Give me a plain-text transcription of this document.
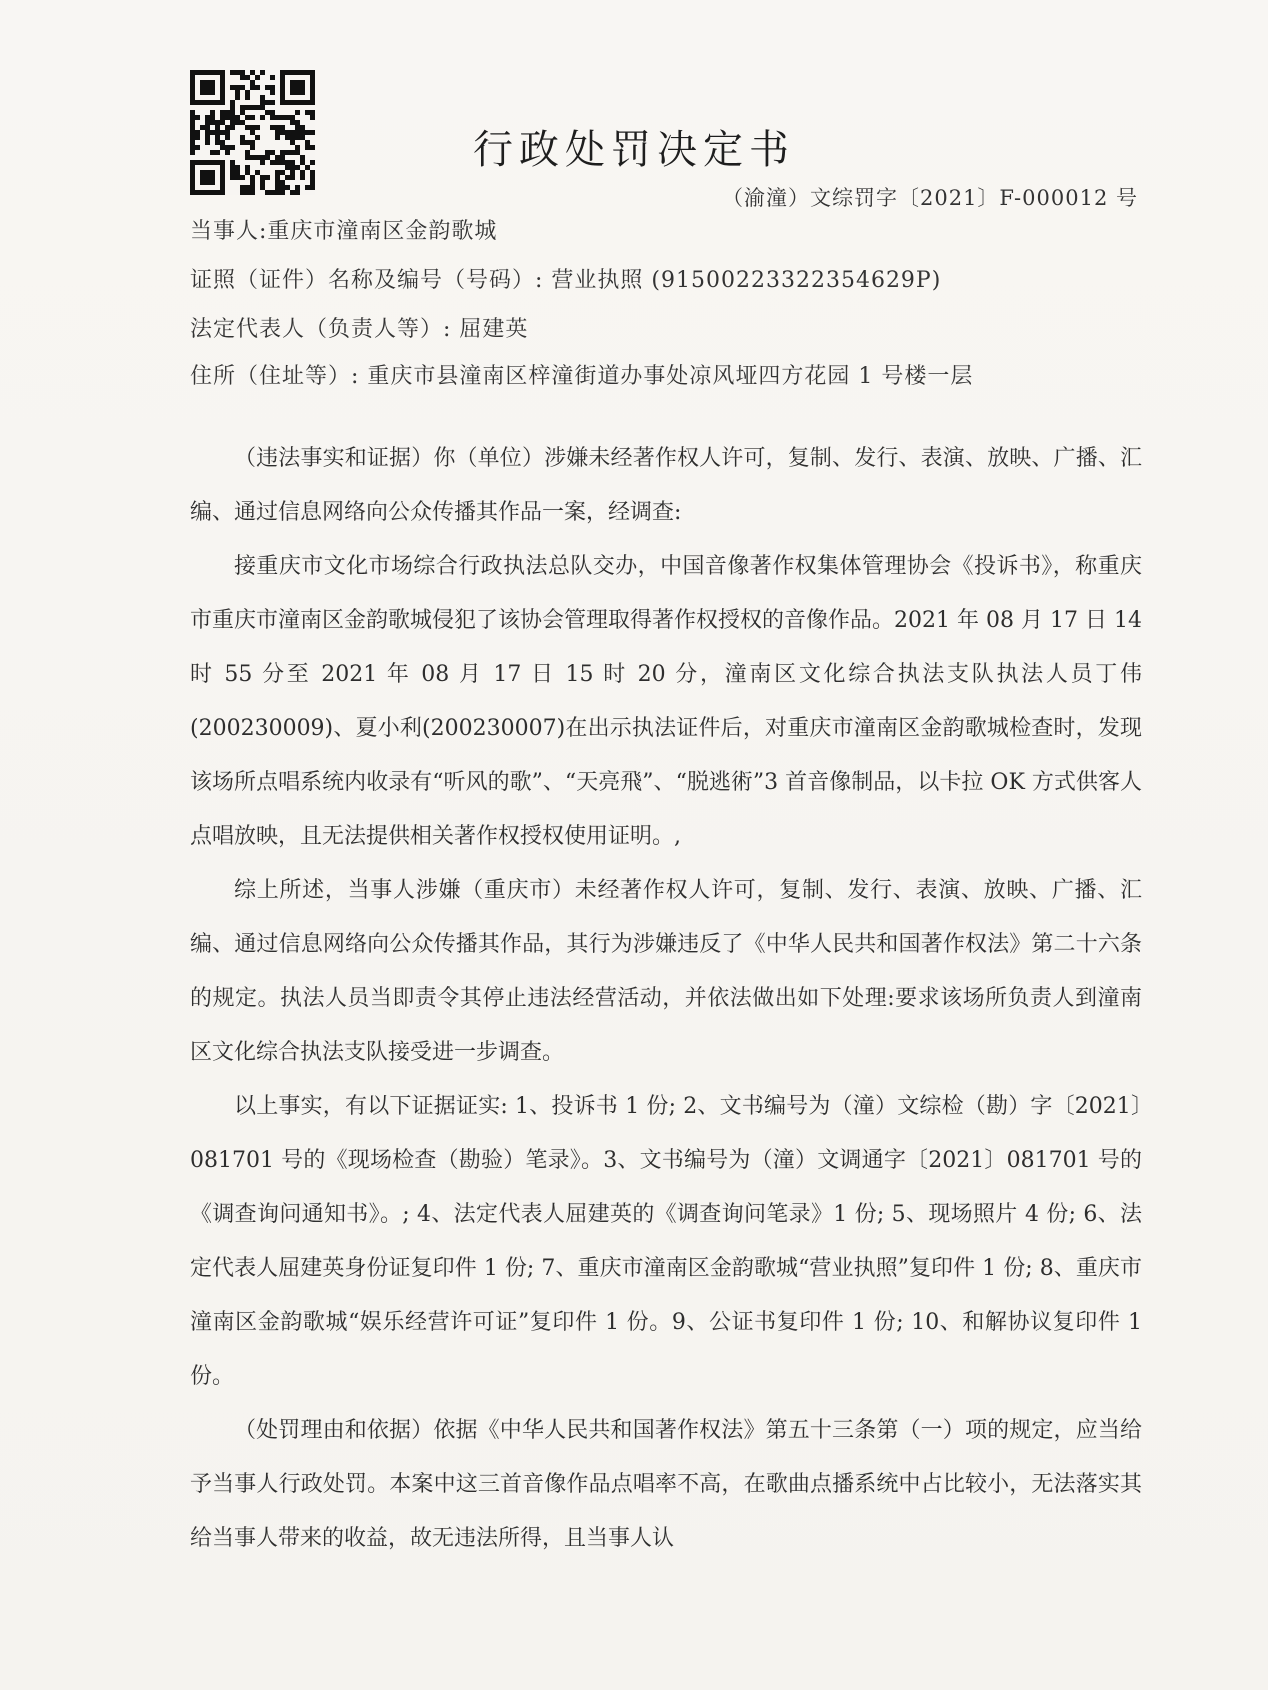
行政处罚决定书
（渝潼）文综罚字〔2021〕F-000012 号
当事人:重庆市潼南区金韵歌城
证照（证件）名称及编号（号码）: 营业执照 (91500223322354629P)
法定代表人（负责人等）: 屈建英
住所（住址等）: 重庆市县潼南区梓潼街道办事处凉风垭四方花园 1 号楼一层

（违法事实和证据）你（单位）涉嫌未经著作权人许可，复制、发行、表演、放映、广播、汇编、通过信息网络向公众传播其作品一案，经调查:

接重庆市文化市场综合行政执法总队交办，中国音像著作权集体管理协会《投诉书》，称重庆市重庆市潼南区金韵歌城侵犯了该协会管理取得著作权授权的音像作品。2021 年 08 月 17 日 14 时 55 分至 2021 年 08 月 17 日 15 时 20 分，潼南区文化综合执法支队执法人员丁伟(200230009)、夏小利(200230007)在出示执法证件后，对重庆市潼南区金韵歌城检查时，发现该场所点唱系统内收录有“听风的歌”、“天亮飛”、“脱逃術”3 首音像制品，以卡拉 OK 方式供客人点唱放映，且无法提供相关著作权授权使用证明。,

综上所述，当事人涉嫌（重庆市）未经著作权人许可，复制、发行、表演、放映、广播、汇编、通过信息网络向公众传播其作品，其行为涉嫌违反了《中华人民共和国著作权法》第二十六条的规定。执法人员当即责令其停止违法经营活动，并依法做出如下处理:要求该场所负责人到潼南区文化综合执法支队接受进一步调查。

以上事实，有以下证据证实: 1、投诉书 1 份; 2、文书编号为（潼）文综检（勘）字〔2021〕081701 号的《现场检查（勘验）笔录》。3、文书编号为（潼）文调通字〔2021〕081701 号的《调查询问通知书》。; 4、法定代表人屈建英的《调查询问笔录》1 份; 5、现场照片 4 份; 6、法定代表人屈建英身份证复印件 1 份; 7、重庆市潼南区金韵歌城“营业执照”复印件 1 份; 8、重庆市潼南区金韵歌城“娱乐经营许可证”复印件 1 份。9、公证书复印件 1 份; 10、和解协议复印件 1 份。

（处罚理由和依据）依据《中华人民共和国著作权法》第五十三条第（一）项的规定，应当给予当事人行政处罚。本案中这三首音像作品点唱率不高，在歌曲点播系统中占比较小，无法落实其给当事人带来的收益，故无违法所得，且当事人认
